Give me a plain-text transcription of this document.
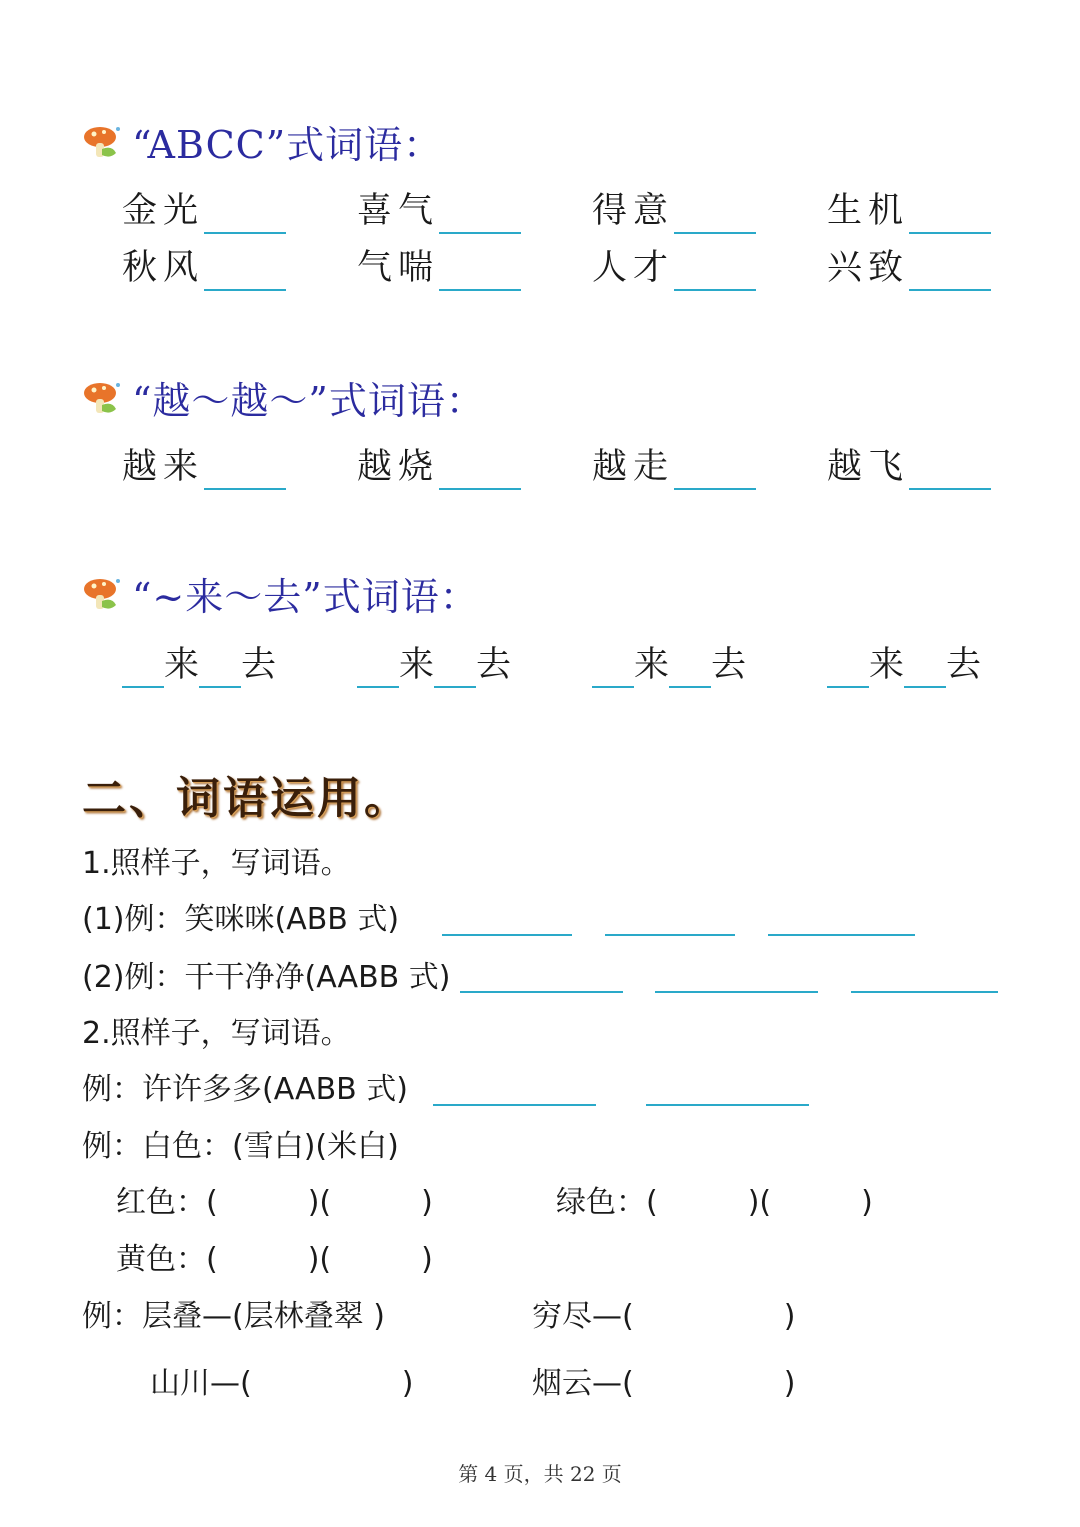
“ABCC”式词语：
金光	喜气	得意	生机
秋风	气喘	人才	兴致
“越～越～”式词语：
越来	越烧	越走	越飞
“~来～去”式词语：
来 去	来 去	来 去	来 去
二、词语运用。
1.照样子，写词语。
(1)例：笑咪咪(ABB 式)
(2)例：干干净净(AABB 式)
2.照样子，写词语。
例：许许多多(AABB 式)
例：白色：(雪白)(米白)
红色：(　　　)(　　　)	绿色：(　　　)(　　　)
黄色：(　　　)(　　　)
例：层叠—(层林叠翠 )	穷尽—(　　　　　)
山川—(　　　　　)	烟云—(　　　　　)
第 4 页，共 22 页
